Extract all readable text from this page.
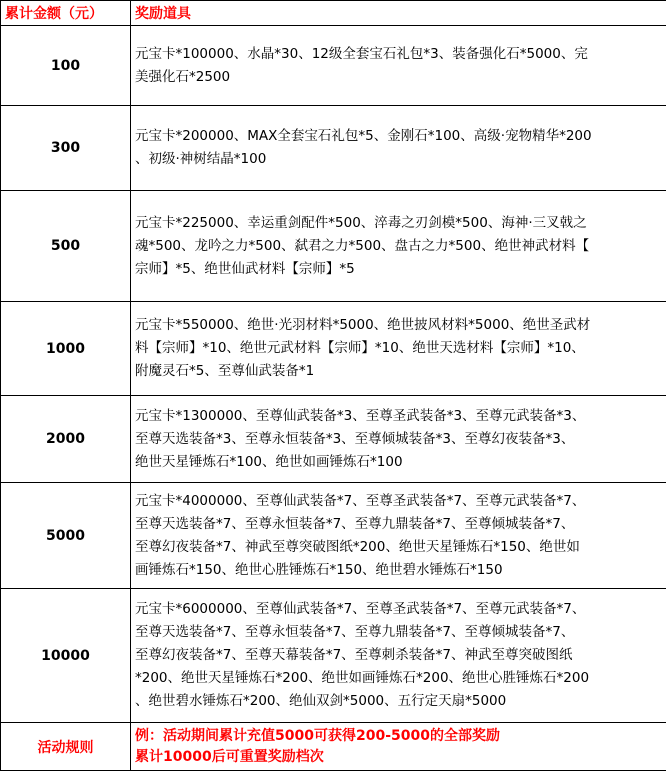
累计金额（元）	奖励道具
100	元宝卡*100000、水晶*30、12级全套宝石礼包*3、装备强化石*5000、完
美强化石*2500
300	元宝卡*200000、MAX全套宝石礼包*5、金刚石*100、高级·宠物精华*200
、初级·神树结晶*100
500	元宝卡*225000、幸运重剑配件*500、淬毒之刃剑模*500、海神·三叉戟之
魂*500、龙吟之力*500、弑君之力*500、盘古之力*500、绝世神武材料【
宗师】*5、绝世仙武材料【宗师】*5
1000	元宝卡*550000、绝世·光羽材料*5000、绝世披风材料*5000、绝世圣武材
料【宗师】*10、绝世元武材料【宗师】*10、绝世天选材料【宗师】*10、
附魔灵石*5、至尊仙武装备*1
2000	元宝卡*1300000、至尊仙武装备*3、至尊圣武装备*3、至尊元武装备*3、
至尊天选装备*3、至尊永恒装备*3、至尊倾城装备*3、至尊幻夜装备*3、
绝世天星锤炼石*100、绝世如画锤炼石*100
5000	元宝卡*4000000、至尊仙武装备*7、至尊圣武装备*7、至尊元武装备*7、
至尊天选装备*7、至尊永恒装备*7、至尊九鼎装备*7、至尊倾城装备*7、
至尊幻夜装备*7、神武至尊突破图纸*200、绝世天星锤炼石*150、绝世如
画锤炼石*150、绝世心胜锤炼石*150、绝世碧水锤炼石*150
10000	元宝卡*6000000、至尊仙武装备*7、至尊圣武装备*7、至尊元武装备*7、
至尊天选装备*7、至尊永恒装备*7、至尊九鼎装备*7、至尊倾城装备*7、
至尊幻夜装备*7、至尊天幕装备*7、至尊刺杀装备*7、神武至尊突破图纸
*200、绝世天星锤炼石*200、绝世如画锤炼石*200、绝世心胜锤炼石*200
、绝世碧水锤炼石*200、绝仙双剑*5000、五行定天扇*5000
活动规则	例：活动期间累计充值5000可获得200-5000的全部奖励
累计10000后可重置奖励档次
